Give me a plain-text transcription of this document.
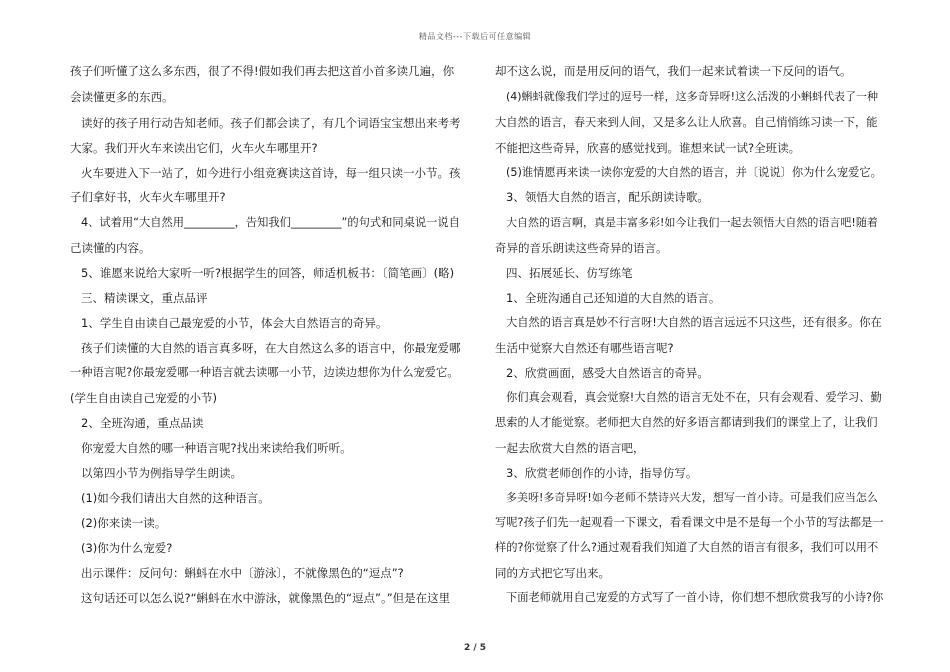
精品文档---下载后可任意编辑
孩子们听懂了这么多东西，很了不得!假如我们再去把这首小首多读几遍，你
会读懂更多的东西。
读好的孩子用行动告知老师。孩子们都会读了，有几个词语宝宝想出来考考
大家。我们开火车来读出它们，火车火车哪里开?
火车要进入下一站了，如今进行小组竞赛读这首诗，每一组只读一小节。孩
子们拿好书，火车火车哪里开?
4、试着用“大自然用_________，告知我们_________”的句式和同桌说一说自
己读懂的内容。
5、谁愿来说给大家听一听?根据学生的回答，师适机板书：〔简笔画〕(略)
三、精读课文，重点品评
1、学生自由读自己最宠爱的小节，体会大自然语言的奇异。
孩子们读懂的大自然的语言真多呀，在大自然这么多的语言中，你最宠爱哪
一种语言呢?你最宠爱哪一种语言就去读哪一小节，边读边想你为什么宠爱它。
(学生自由读自己宠爱的小节)
2、全班沟通，重点品读
你宠爱大自然的哪一种语言呢?找出来读给我们听听。
以第四小节为例指导学生朗读。
(1)如今我们请出大自然的这种语言。
(2)你来读一读。
(3)你为什么宠爱?
出示课件：反问句：蝌蚪在水中〔游泳〕，不就像黑色的“逗点”?
这句话还可以怎么说?“蝌蚪在水中游泳，就像黑色的“逗点”。”但是在这里
却不这么说，而是用反问的语气，我们一起来试着读一下反问的语气。
(4)蝌蚪就像我们学过的逗号一样，这多奇异呀!这么活泼的小蝌蚪代表了一种
大自然的语言，春天来到人间，又是多么让人欣喜。自己悄悄练习读一下，能
不能把这些奇异，欣喜的感觉找到。谁想来试一试?全班读。
(5)谁情愿再来读一读你宠爱的大自然的语言，并〔说说〕你为什么宠爱它。
3、领悟大自然的语言，配乐朗读诗歌。
大自然的语言啊，真是丰富多彩!如今让我们一起去领悟大自然的语言吧!随着
奇异的音乐朗读这些奇异的语言。
四、拓展延长、仿写练笔
1、全班沟通自己还知道的大自然的语言。
大自然的语言真是妙不行言呀!大自然的语言远远不只这些，还有很多。你在
生活中觉察大自然还有哪些语言呢?
2、欣赏画面，感受大自然语言的奇异。
你们真会观看，真会觉察!大自然的语言无处不在，只有会观看、爱学习、勤
思索的人才能觉察。老师把大自然的好多语言都请到我们的课堂上了，让我们
一起去欣赏大自然的语言吧，
3、欣赏老师创作的小诗，指导仿写。
多美呀!多奇异呀!如今老师不禁诗兴大发，想写一首小诗。可是我们应当怎么
写呢?孩子们先一起观看一下课文，看看课文中是不是每一个小节的写法都是一
样的?你觉察了什么?通过观看我们知道了大自然的语言有很多，我们可以用不
同的方式把它写出来。
下面老师就用自己宠爱的方式写了一首小诗，你们想不想欣赏我写的小诗?你
2 / 5
